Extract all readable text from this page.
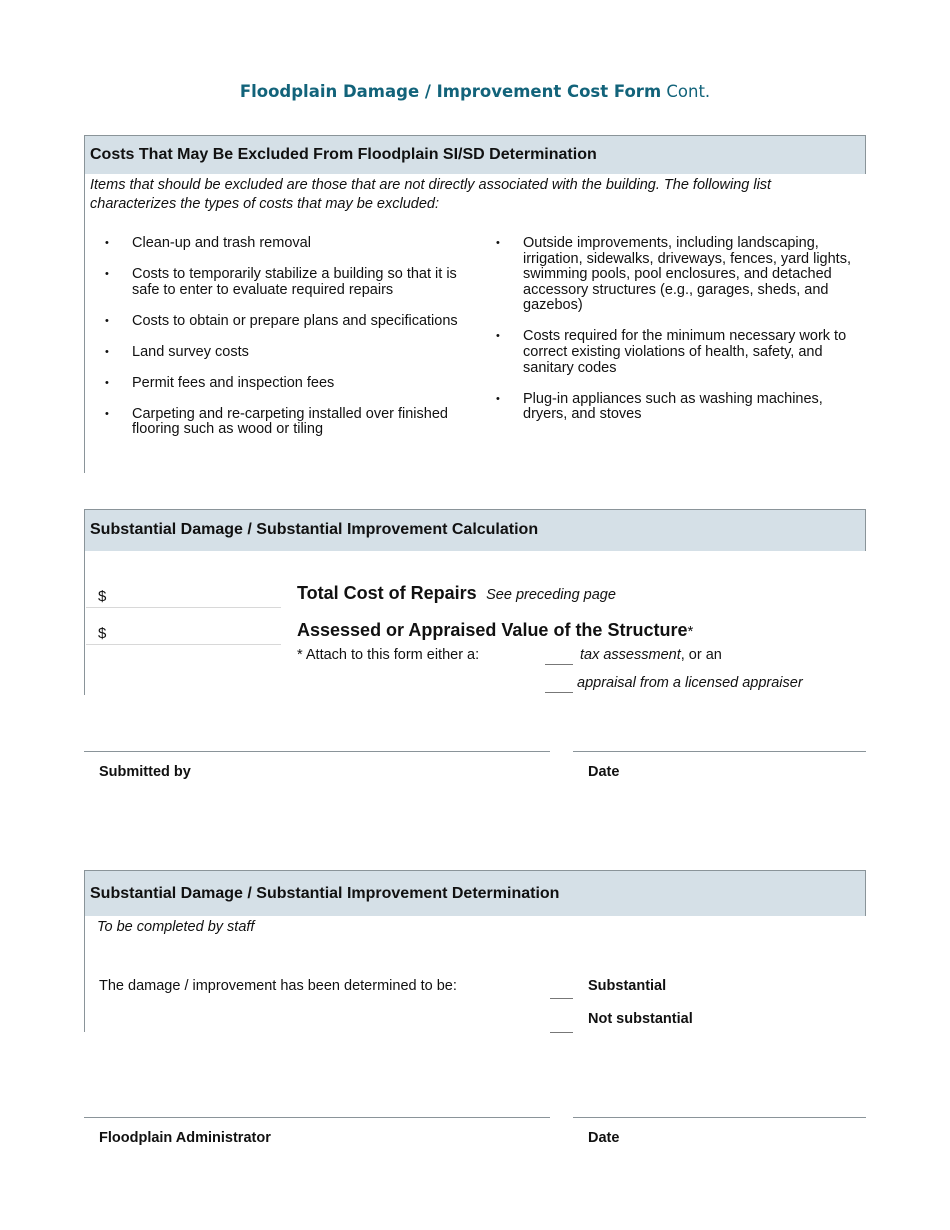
Floodplain Damage / Improvement Cost Form Cont.
Costs That May Be Excluded From Floodplain SI/SD Determination
Items that should be excluded are those that are not directly associated with the building. The following list characterizes the types of costs that may be excluded:
• Clean-up and trash removal
• Costs to temporarily stabilize a building so that it is safe to enter to evaluate required repairs
• Costs to obtain or prepare plans and specifications
• Land survey costs
• Permit fees and inspection fees
• Carpeting and re-carpeting installed over finished flooring such as wood or tiling
• Outside improvements, including landscaping, irrigation, sidewalks, driveways, fences, yard lights, swimming pools, pool enclosures, and detached accessory structures (e.g., garages, sheds, and gazebos)
• Costs required for the minimum necessary work to correct existing violations of health, safety, and sanitary codes
• Plug-in appliances such as washing machines, dryers, and stoves
Substantial Damage / Substantial Improvement Calculation
$	Total Cost of Repairs See preceding page
$	Assessed or Appraised Value of the Structure*
* Attach to this form either a:	tax assessment, or an
appraisal from a licensed appraiser
Submitted by	Date
Substantial Damage / Substantial Improvement Determination
To be completed by staff
The damage / improvement has been determined to be:	Substantial
Not substantial
Floodplain Administrator	Date
